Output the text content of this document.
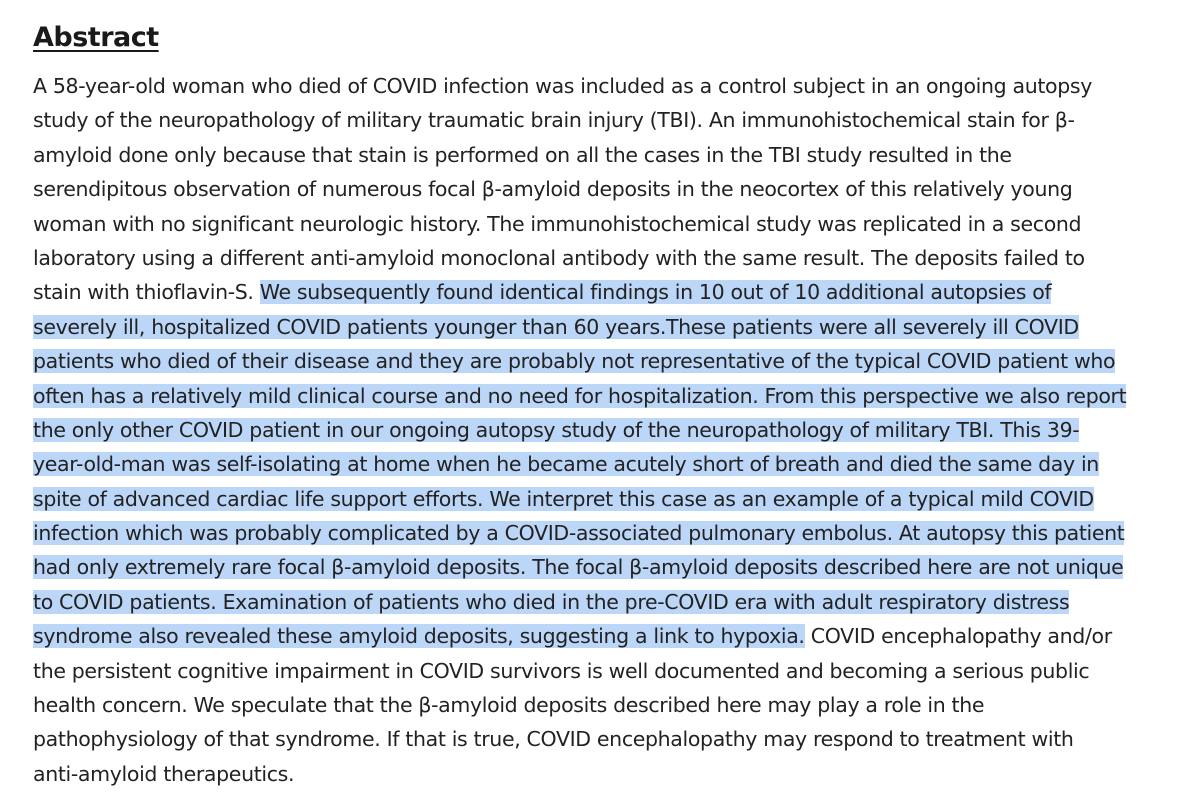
Abstract
A 58-year-old woman who died of COVID infection was included as a control subject in an ongoing autopsy
study of the neuropathology of military traumatic brain injury (TBI). An immunohistochemical stain for β-
amyloid done only because that stain is performed on all the cases in the TBI study resulted in the
serendipitous observation of numerous focal β-amyloid deposits in the neocortex of this relatively young
woman with no significant neurologic history. The immunohistochemical study was replicated in a second
laboratory using a different anti-amyloid monoclonal antibody with the same result. The deposits failed to
stain with thioflavin-S. We subsequently found identical findings in 10 out of 10 additional autopsies of
severely ill, hospitalized COVID patients younger than 60 years.These patients were all severely ill COVID
patients who died of their disease and they are probably not representative of the typical COVID patient who
often has a relatively mild clinical course and no need for hospitalization. From this perspective we also report
the only other COVID patient in our ongoing autopsy study of the neuropathology of military TBI. This 39-
year-old-man was self-isolating at home when he became acutely short of breath and died the same day in
spite of advanced cardiac life support efforts. We interpret this case as an example of a typical mild COVID
infection which was probably complicated by a COVID-associated pulmonary embolus. At autopsy this patient
had only extremely rare focal β-amyloid deposits. The focal β-amyloid deposits described here are not unique
to COVID patients. Examination of patients who died in the pre-COVID era with adult respiratory distress
syndrome also revealed these amyloid deposits, suggesting a link to hypoxia. COVID encephalopathy and/or
the persistent cognitive impairment in COVID survivors is well documented and becoming a serious public
health concern. We speculate that the β-amyloid deposits described here may play a role in the
pathophysiology of that syndrome. If that is true, COVID encephalopathy may respond to treatment with
anti-amyloid therapeutics.
